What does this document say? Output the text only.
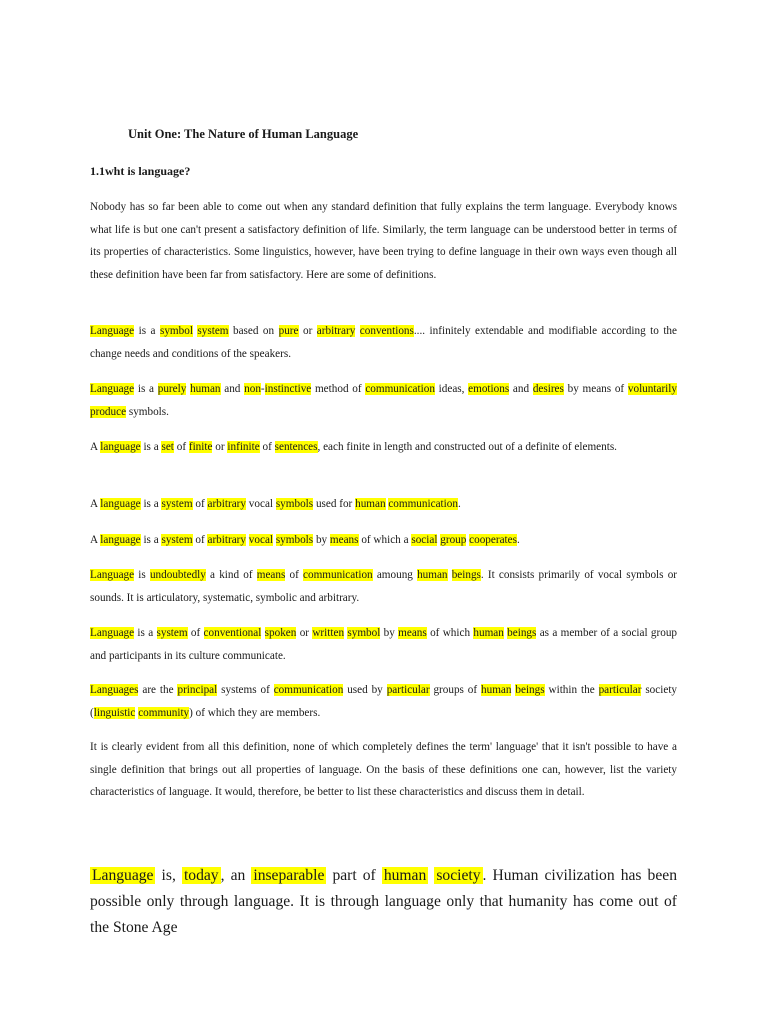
Unit One: The Nature of Human Language
1.1wht is language?

Nobody has so far been able to come out when any standard definition that fully explains the term language. Everybody knows what life is but one can't present a satisfactory definition of life. Similarly, the term language can be understood better in terms of its properties of characteristics. Some linguistics, however, have been trying to define language in their own ways even though all these definition have been far from satisfactory. Here are some of definitions.

Language is a symbol system based on pure or arbitrary conventions.... infinitely extendable and modifiable according to the change needs and conditions of the speakers.

Language is a purely human and non-instinctive method of communication ideas, emotions and desires by means of voluntarily produce symbols.

A language is a set of finite or infinite of sentences, each finite in length and constructed out of a definite of elements.

A language is a system of arbitrary vocal symbols used for human communication.

A language is a system of arbitrary vocal symbols by means of which a social group cooperates.

Language is undoubtedly a kind of means of communication amoung human beings. It consists primarily of vocal symbols or sounds. It is articulatory, systematic, symbolic and arbitrary.

Language is a system of conventional spoken or written symbol by means of which human beings as a member of a social group and participants in its culture communicate.

Languages are the principal systems of communication used by particular groups of human beings within the particular society (linguistic community) of which they are members.

It is clearly evident from all this definition, none of which completely defines the term' language' that it isn't possible to have a single definition that brings out all properties of language. On the basis of these definitions one can, however, list the variety characteristics of language. It would, therefore, be better to list these characteristics and discuss them in detail.

Language is, today , an inseparable part of human society . Human civilization has been possible only through language. It is through language only that humanity has come out of the Stone Age
